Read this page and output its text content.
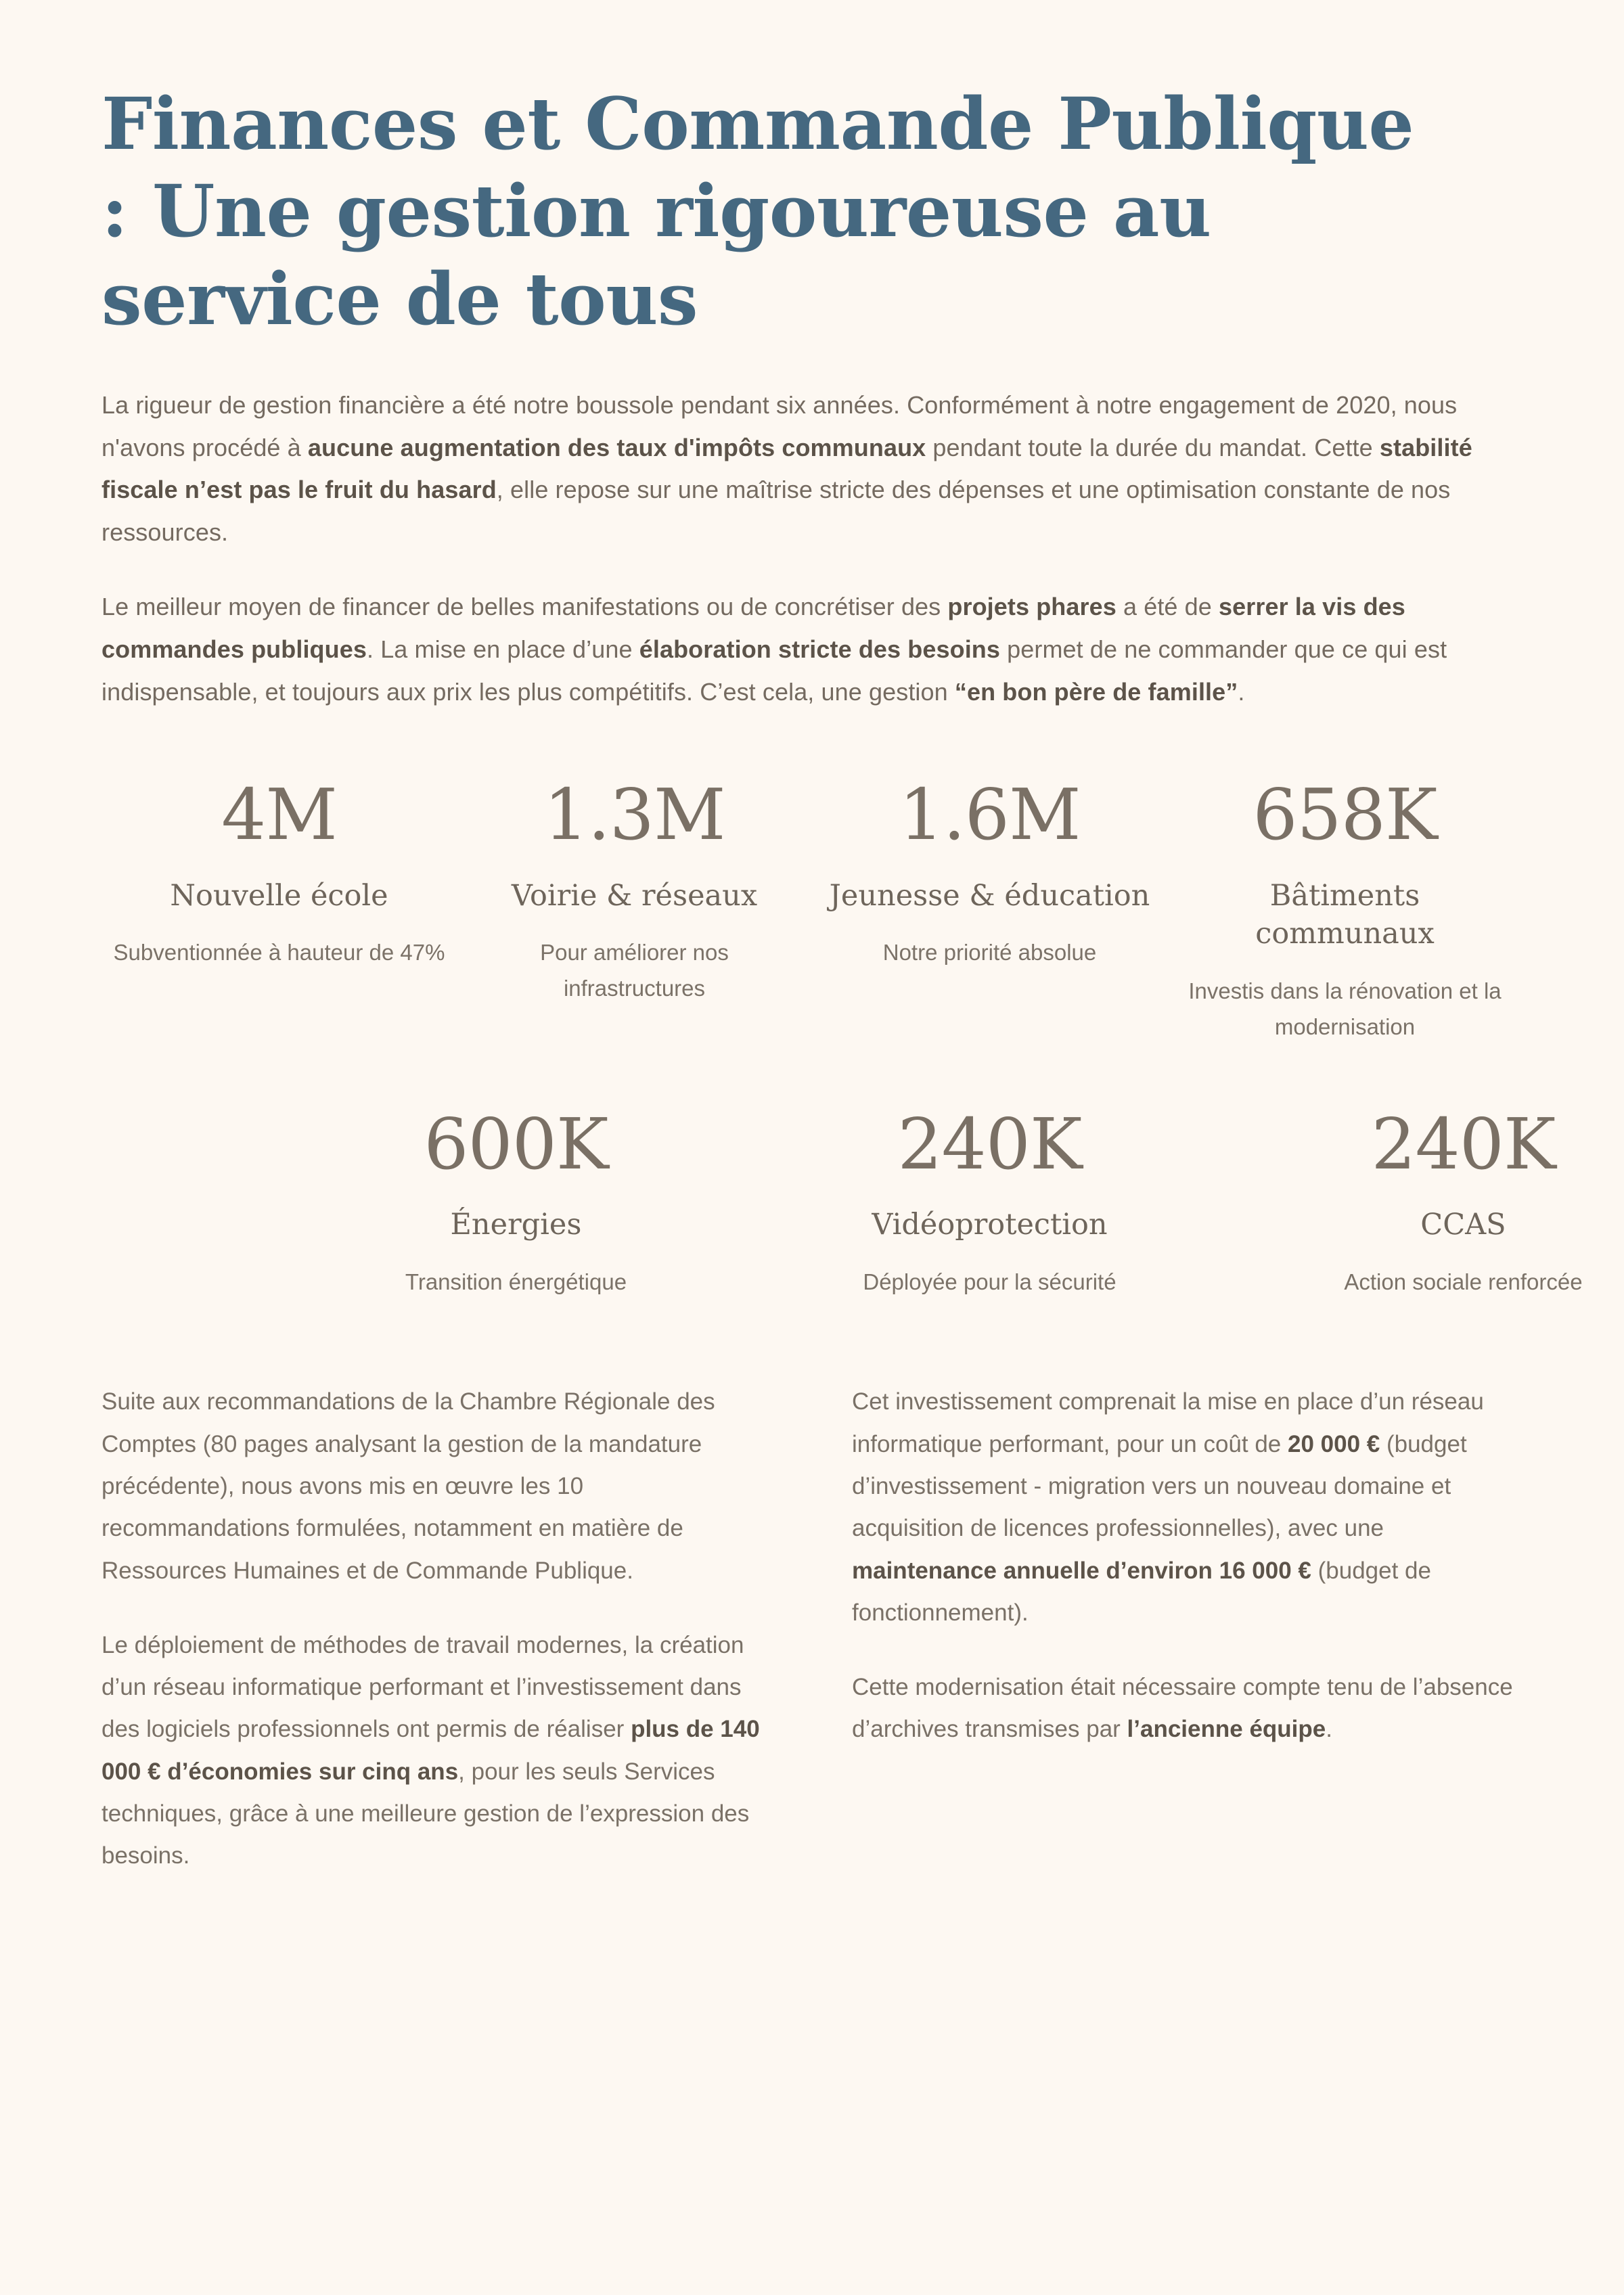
Finances et Commande Publique : Une gestion rigoureuse au service de tous

La rigueur de gestion financière a été notre boussole pendant six années. Conformément à notre engagement de 2020, nous n'avons procédé à aucune augmentation des taux d'impôts communaux pendant toute la durée du mandat. Cette stabilité fiscale n’est pas le fruit du hasard, elle repose sur une maîtrise stricte des dépenses et une optimisation constante de nos ressources.

Le meilleur moyen de financer de belles manifestations ou de concrétiser des projets phares a été de serrer la vis des commandes publiques. La mise en place d’une élaboration stricte des besoins permet de ne commander que ce qui est indispensable, et toujours aux prix les plus compétitifs. C’est cela, une gestion “en bon père de famille”.

4M
Nouvelle école
Subventionnée à hauteur de 47%
1.3M
Voirie & réseaux
Pour améliorer nos infrastructures
1.6M
Jeunesse & éducation
Notre priorité absolue
658K
Bâtiments communaux
Investis dans la rénovation et la modernisation
600K
Énergies
Transition énergétique
240K
Vidéoprotection
Déployée pour la sécurité
240K
CCAS
Action sociale renforcée

Suite aux recommandations de la Chambre Régionale des Comptes (80 pages analysant la gestion de la mandature précédente), nous avons mis en œuvre les 10 recommandations formulées, notamment en matière de Ressources Humaines et de Commande Publique.

Le déploiement de méthodes de travail modernes, la création d’un réseau informatique performant et l’investissement dans des logiciels professionnels ont permis de réaliser plus de 140 000 € d’économies sur cinq ans, pour les seuls Services techniques, grâce à une meilleure gestion de l’expression des besoins.

Cet investissement comprenait la mise en place d’un réseau informatique performant, pour un coût de 20 000 € (budget d’investissement - migration vers un nouveau domaine et acquisition de licences professionnelles), avec une maintenance annuelle d’environ 16 000 € (budget de fonctionnement).

Cette modernisation était nécessaire compte tenu de l’absence d’archives transmises par l’ancienne équipe.
